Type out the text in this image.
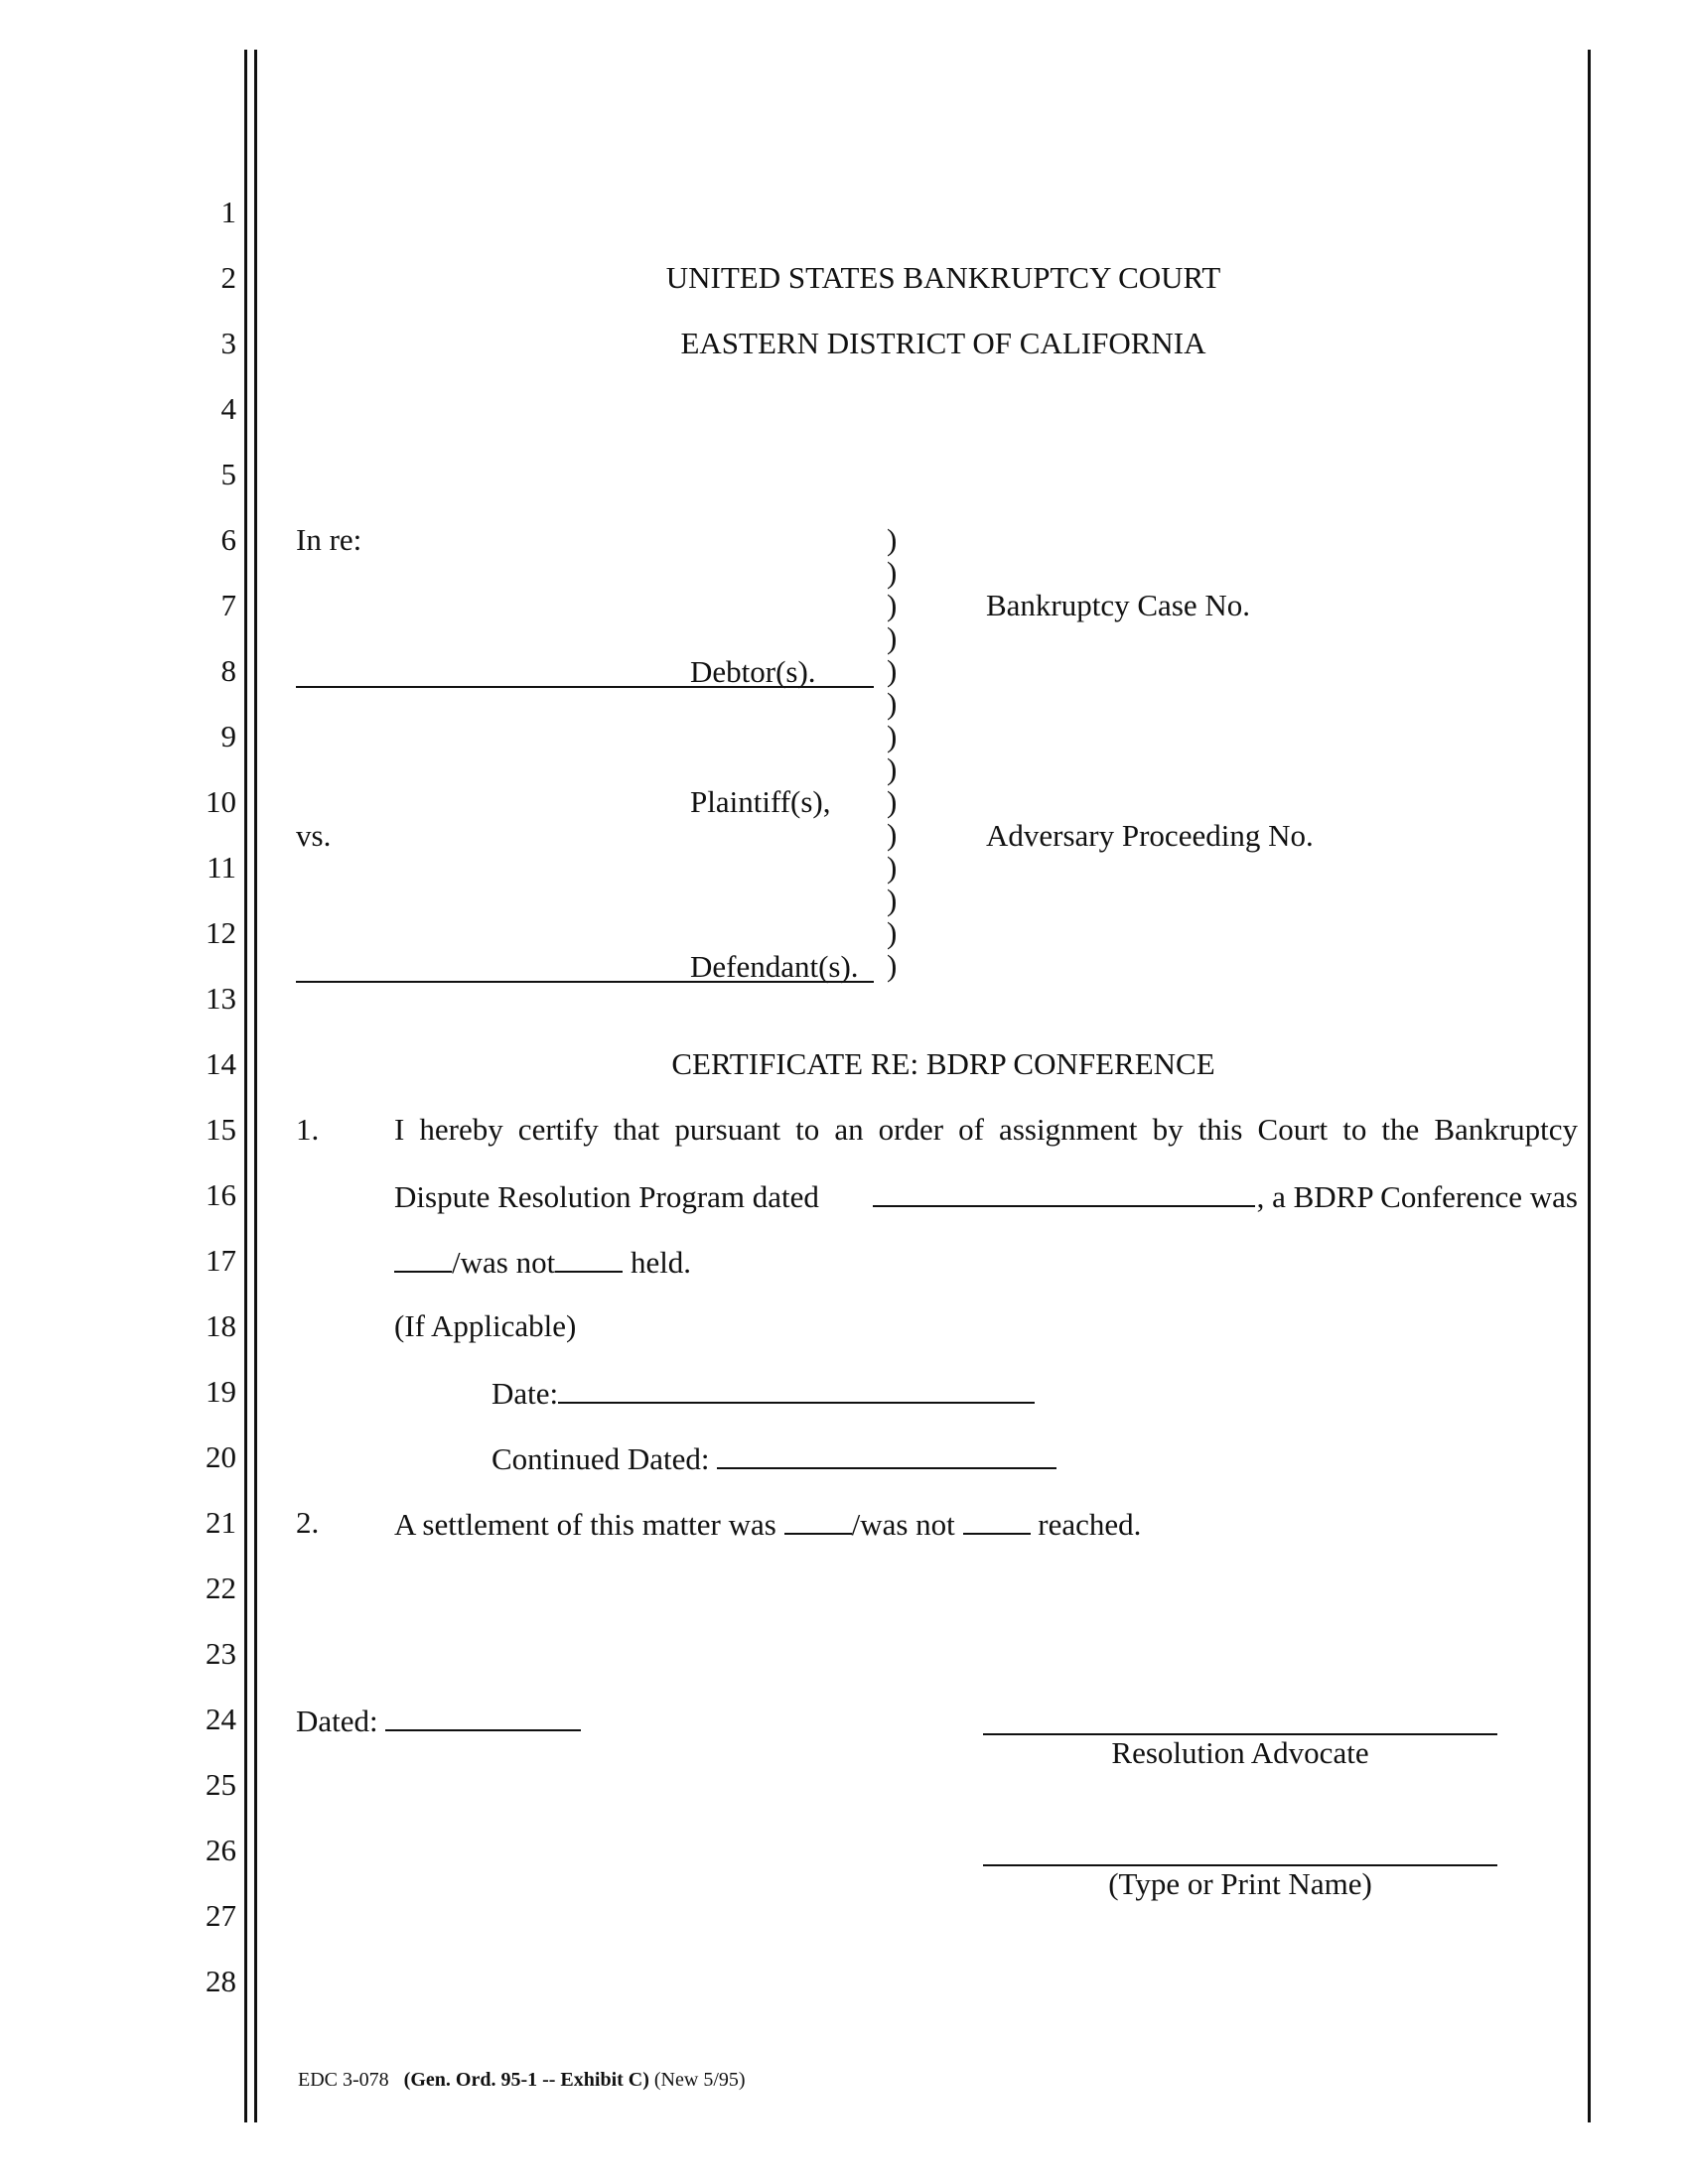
1
2
3
4
5
6
7
8
9
10
11
12
13
14
15
16
17
18
19
20
21
22
23
24
25
26
27
28
UNITED STATES BANKRUPTCY COURT
EASTERN DISTRICT OF CALIFORNIA
In re:
Debtor(s).
Plaintiff(s),
vs.
Defendant(s).
)
)
)
)
)
)
)
)
)
)
)
)
)
)
Bankruptcy Case No.
Adversary Proceeding No.
CERTIFICATE RE: BDRP CONFERENCE
1. I hereby certify that pursuant to an order of assignment by this Court to the Bankruptcy
Dispute Resolution Program dated	, a BDRP Conference was
/was not held.
(If Applicable)
Date:
Continued Dated:
2. A settlement of this matter was /was not	reached.
Dated:
Resolution Advocate
(Type or Print Name)
EDC 3-078 (Gen. Ord. 95-1 -- Exhibit C) (New 5/95)
